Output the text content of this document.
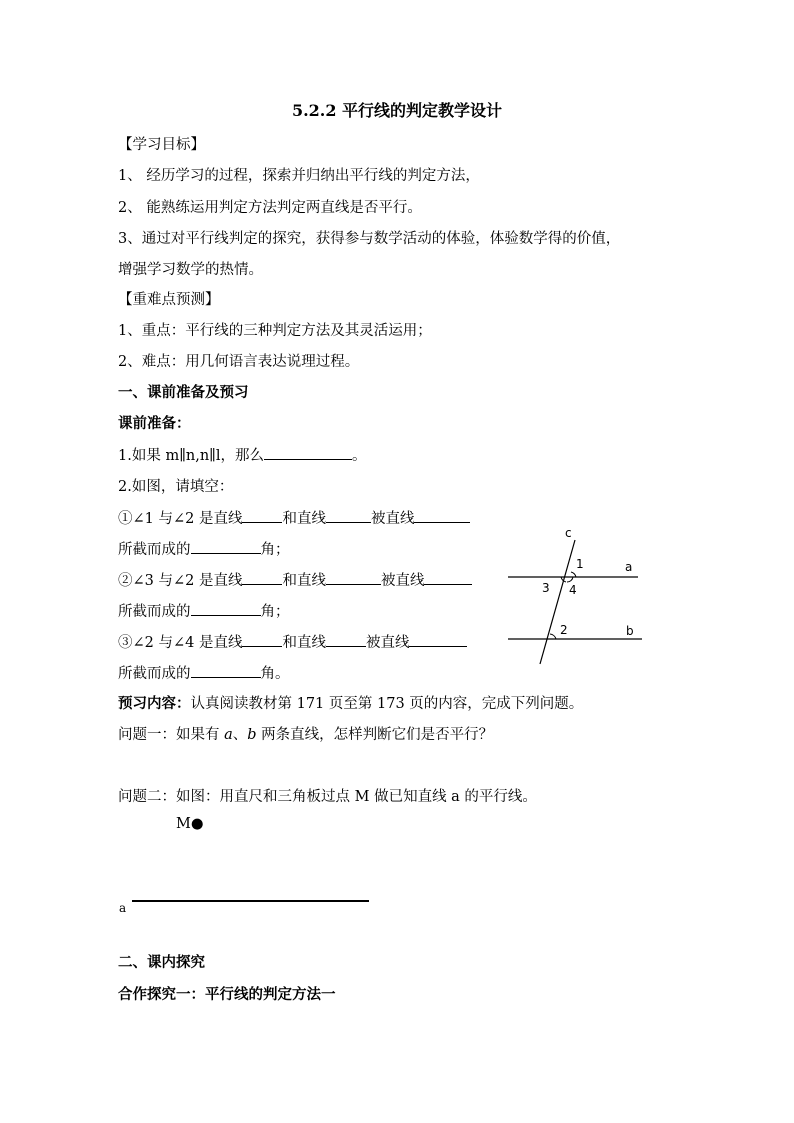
5.2.2 平行线的判定教学设计
【学习目标】
1、 经历学习的过程，探索并归纳出平行线的判定方法，
2、 能熟练运用判定方法判定两直线是否平行。
3、通过对平行线判定的探究，获得参与数学活动的体验，体验数学得的价值，
增强学习数学的热情。
【重难点预测】
1、重点：平行线的三种判定方法及其灵活运用；
2、难点：用几何语言表达说理过程。
一、课前准备及预习
课前准备：
1.如果 m∥n,n∥l，那么	。
2.如图，请填空：
①∠1 与∠2 是直线	和直线	被直线
所截而成的	角；
②∠3 与∠2 是直线	和直线	被直线
所截而成的	角；
③∠2 与∠4 是直线	和直线	被直线
所截而成的	角。
预习内容：认真阅读教材第 171 页至第 173 页的内容，完成下列问题。
问题一：如果有 a、b 两条直线，怎样判断它们是否平行？
问题二：如图：用直尺和三角板过点 M 做已知直线 a 的平行线。
M●
a
二、课内探究
合作探究一：平行线的判定方法一
c
a
b
1
3 4
2
